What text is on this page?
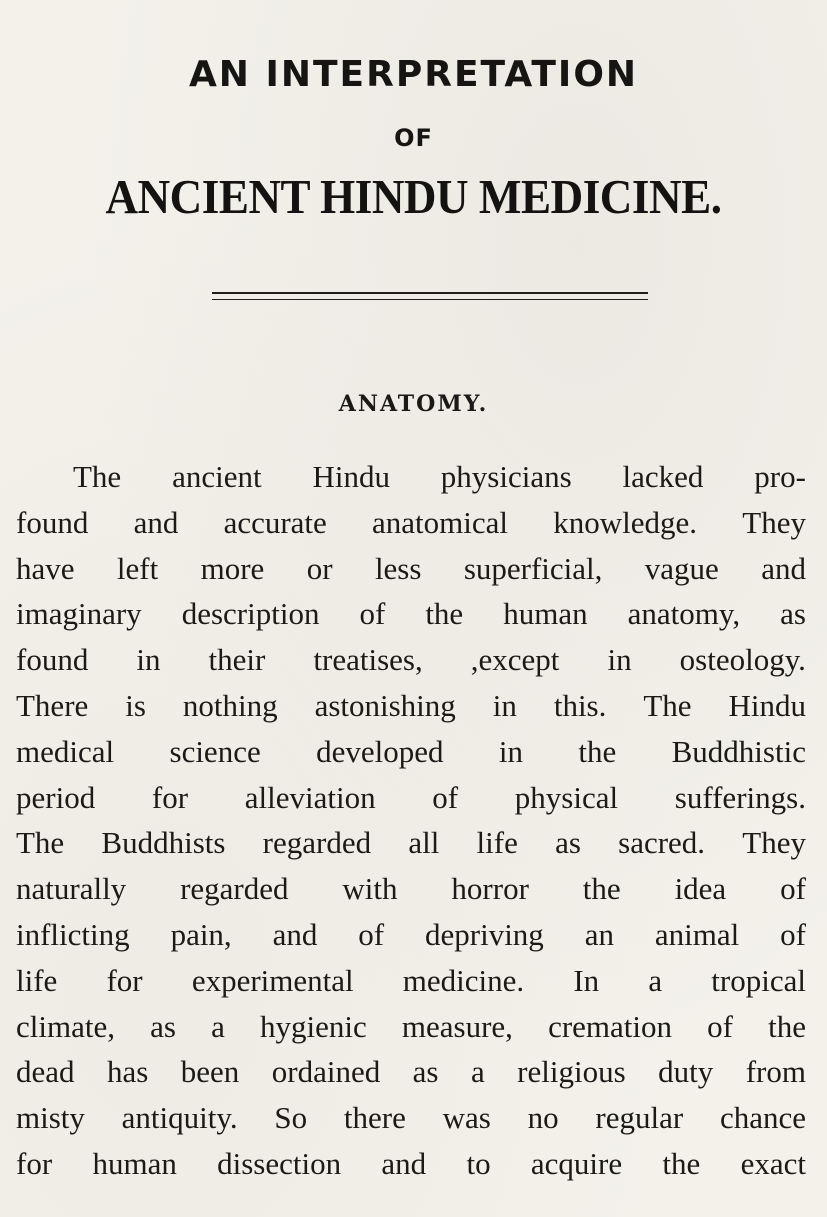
AN INTERPRETATION
OF
ANCIENT HINDU MEDICINE.
ANATOMY.
The ancient Hindu physicians lacked pro-
found and accurate anatomical knowledge. They
have left more or less superficial, vague and
imaginary description of the human anatomy, as
found in their treatises, ,except in osteology.
There is nothing astonishing in this. The Hindu
medical science developed in the Buddhistic
period for alleviation of physical sufferings.
The Buddhists regarded all life as sacred. They
naturally regarded with horror the idea of
inflicting pain, and of depriving an animal of
life for experimental medicine. In a tropical
climate, as a hygienic measure, cremation of the
dead has been ordained as a religious duty from
misty antiquity. So there was no regular chance
for human dissection and to acquire the exact
